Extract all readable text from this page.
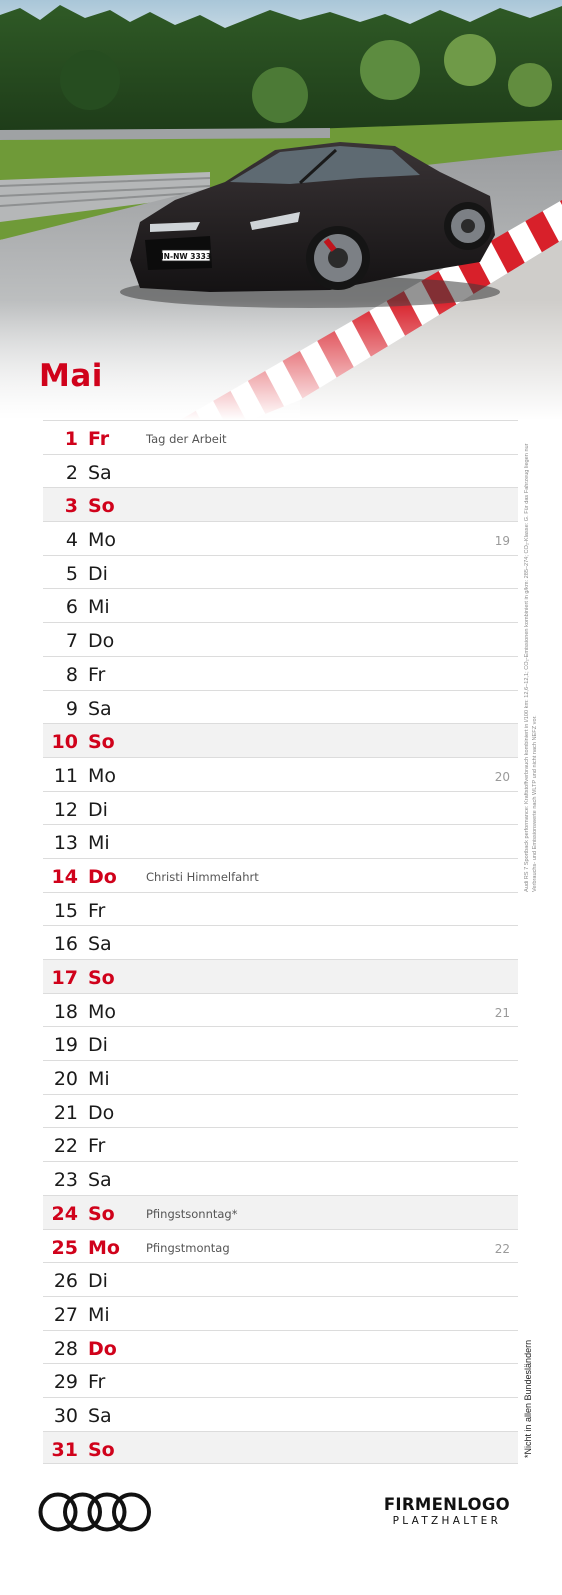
IN-NW 3333
Mai
1 Fr	Tag der Arbeit
2 Sa
3 So
4 Mo	19
5 Di
6 Mi
7 Do
8 Fr
9 Sa
10 So
11 Mo	20
12 Di
13 Mi
14 Do	Christi Himmelfahrt
15 Fr
16 Sa
17 So
18 Mo	21
19 Di
20 Mi
21 Do
22 Fr
23 Sa
24 So	Pfingstsonntag*
25 Mo Pfingstmontag	22
26 Di
27 Mi
28 Do
29 Fr
30 Sa
31 So
Audi RS 7 Sportback performance: Kraftstoffverbrauch kombiniert in l/100 km: 12,6–12,1; CO₂-Emissionen kombiniert in g/km: 285–274; CO₂-Klasse: G. Für das Fahrzeug liegen nur Verbrauchs- und Emissionswerte nach WLTP und nicht nach NEFZ vor.
*Nicht in allen Bundesländern
FIRMENLOGO
PLATZHALTER
